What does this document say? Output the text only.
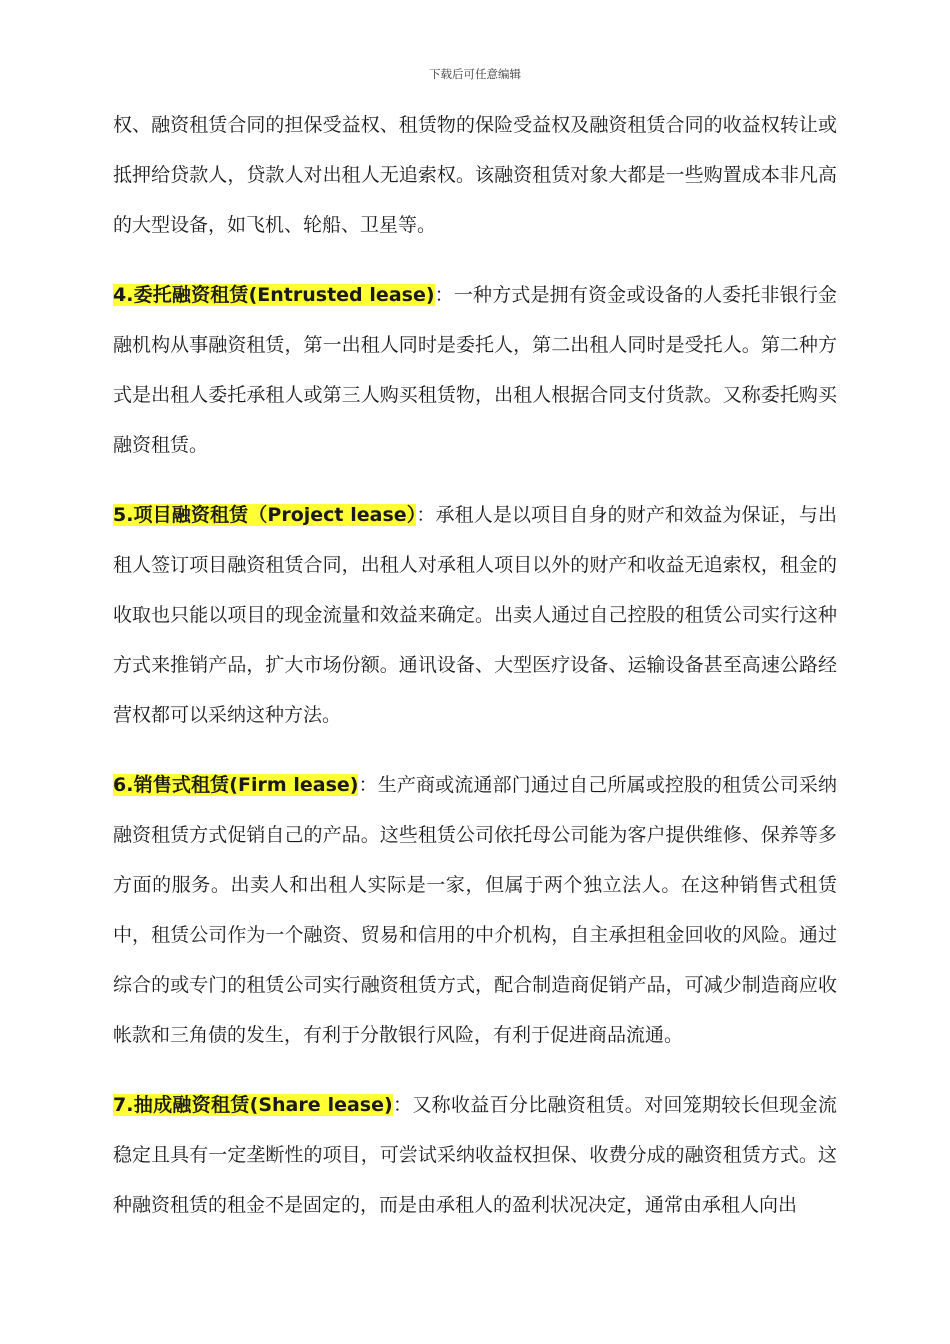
下载后可任意编辑

权、融资租赁合同的担保受益权、租赁物的保险受益权及融资租赁合同的收益权转让或抵押给贷款人，贷款人对出租人无追索权。该融资租赁对象大都是一些购置成本非凡高的大型设备，如飞机、轮船、卫星等。

4.委托融资租赁(Entrusted lease)：一种方式是拥有资金或设备的人委托非银行金融机构从事融资租赁，第一出租人同时是委托人，第二出租人同时是受托人。第二种方式是出租人委托承租人或第三人购买租赁物，出租人根据合同支付货款。又称委托购买融资租赁。

5.项目融资租赁（Project lease）：承租人是以项目自身的财产和效益为保证，与出租人签订项目融资租赁合同，出租人对承租人项目以外的财产和收益无追索权，租金的收取也只能以项目的现金流量和效益来确定。出卖人通过自己控股的租赁公司实行这种方式来推销产品，扩大市场份额。通讯设备、大型医疗设备、运输设备甚至高速公路经营权都可以采纳这种方法。

6.销售式租赁(Firm lease)：生产商或流通部门通过自己所属或控股的租赁公司采纳融资租赁方式促销自己的产品。这些租赁公司依托母公司能为客户提供维修、保养等多方面的服务。出卖人和出租人实际是一家，但属于两个独立法人。在这种销售式租赁中，租赁公司作为一个融资、贸易和信用的中介机构，自主承担租金回收的风险。通过综合的或专门的租赁公司实行融资租赁方式，配合制造商促销产品，可减少制造商应收帐款和三角债的发生，有利于分散银行风险，有利于促进商品流通。

7.抽成融资租赁(Share lease)：又称收益百分比融资租赁。对回笼期较长但现金流稳定且具有一定垄断性的项目，可尝试采纳收益权担保、收费分成的融资租赁方式。这种融资租赁的租金不是固定的，而是由承租人的盈利状况决定，通常由承租人向出
